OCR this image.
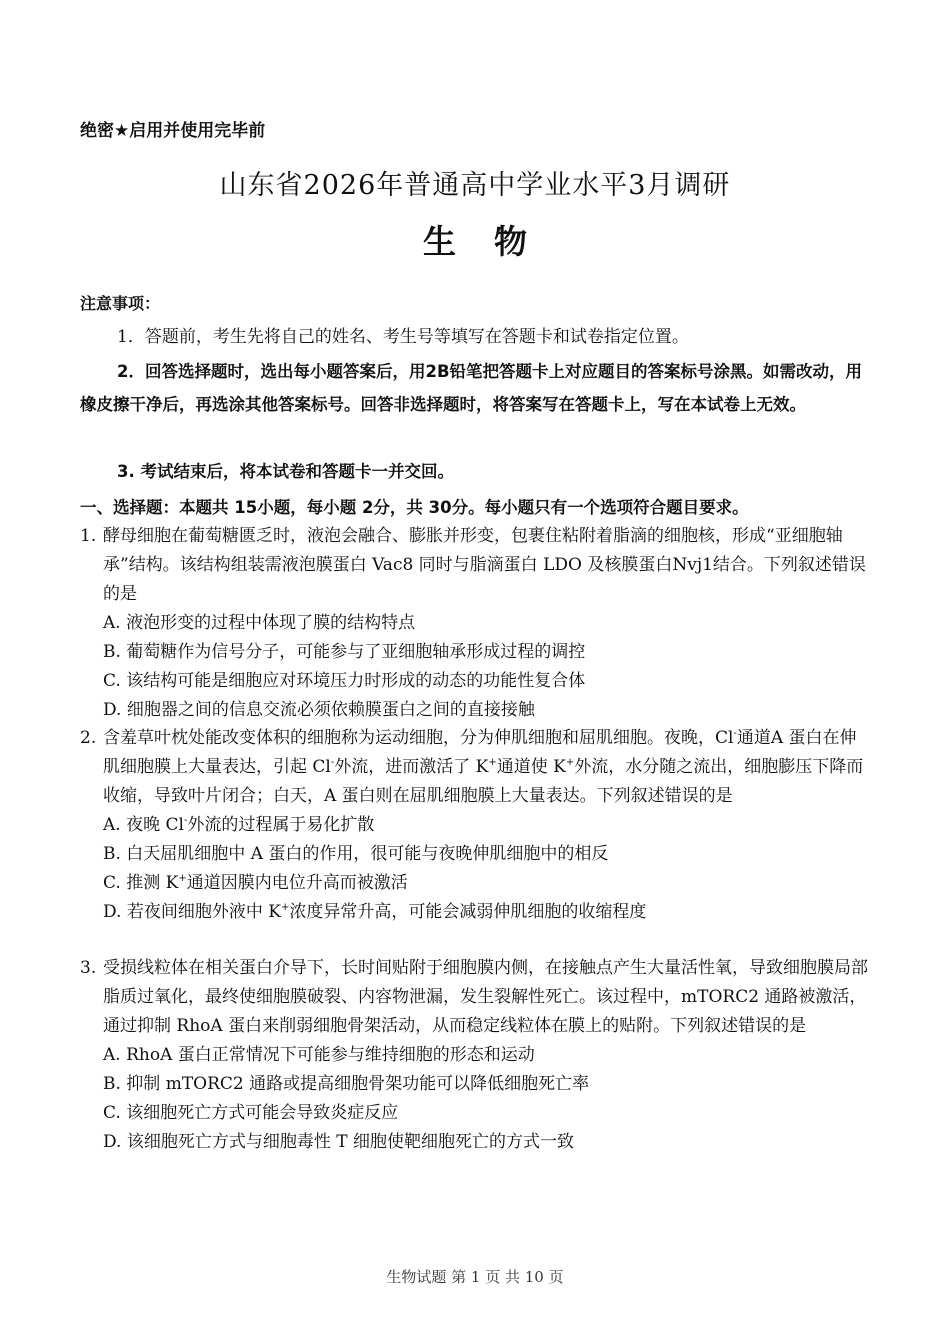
绝密★启用并使用完毕前
山东省2026年普通高中学业水平3月调研
生物
注意事项：
1．答题前，考生先将自己的姓名、考生号等填写在答题卡和试卷指定位置。
2．回答选择题时，选出每小题答案后，用2B铅笔把答题卡上对应题目的答案标号涂黑。如需改动，用橡皮擦干净后，再选涂其他答案标号。回答非选择题时，将答案写在答题卡上，写在本试卷上无效。
3. 考试结束后，将本试卷和答题卡一并交回。
一、选择题：本题共 15小题，每小题 2分，共 30分。每小题只有一个选项符合题目要求。
1. 酵母细胞在葡萄糖匮乏时，液泡会融合、膨胀并形变，包裹住粘附着脂滴的细胞核，形成“亚细胞轴承”结构。该结构组装需液泡膜蛋白 Vac8 同时与脂滴蛋白 LDO 及核膜蛋白Nvj1结合。下列叙述错误的是
A. 液泡形变的过程中体现了膜的结构特点
B. 葡萄糖作为信号分子，可能参与了亚细胞轴承形成过程的调控
C. 该结构可能是细胞应对环境压力时形成的动态的功能性复合体
D. 细胞器之间的信息交流必须依赖膜蛋白之间的直接接触
2. 含羞草叶枕处能改变体积的细胞称为运动细胞，分为伸肌细胞和屈肌细胞。夜晚，Cl-通道A 蛋白在伸肌细胞膜上大量表达，引起 Cl-外流，进而激活了 K+通道使 K+外流，水分随之流出，细胞膨压下降而收缩，导致叶片闭合；白天，A 蛋白则在屈肌细胞膜上大量表达。下列叙述错误的是
A. 夜晚 Cl-外流的过程属于易化扩散
B. 白天屈肌细胞中 A 蛋白的作用，很可能与夜晚伸肌细胞中的相反
C. 推测 K+通道因膜内电位升高而被激活
D. 若夜间细胞外液中 K+浓度异常升高，可能会减弱伸肌细胞的收缩程度
3. 受损线粒体在相关蛋白介导下，长时间贴附于细胞膜内侧，在接触点产生大量活性氧，导致细胞膜局部脂质过氧化，最终使细胞膜破裂、内容物泄漏，发生裂解性死亡。该过程中，mTORC2 通路被激活，通过抑制 RhoA 蛋白来削弱细胞骨架活动，从而稳定线粒体在膜上的贴附。下列叙述错误的是
A. RhoA 蛋白正常情况下可能参与维持细胞的形态和运动
B. 抑制 mTORC2 通路或提高细胞骨架功能可以降低细胞死亡率
C. 该细胞死亡方式可能会导致炎症反应
D. 该细胞死亡方式与细胞毒性 T 细胞使靶细胞死亡的方式一致
生物试题 第 1 页 共 10 页
